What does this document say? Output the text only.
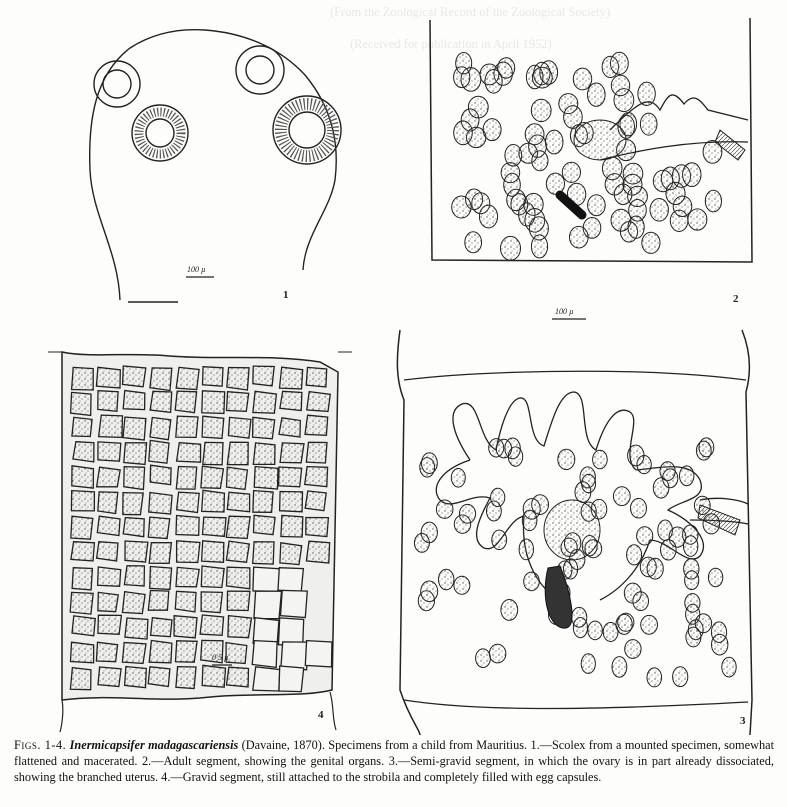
(From the Zoological Record of the Zoological Society)
(Received for publication in April 1952)
1
100 µ
2
100 µ
3
4
0·5 µ
Figs. 1-4. Inermicapsifer madagascariensis (Davaine, 1870). Specimens from a child from Mauritius. 1.—Scolex from a mounted specimen, somewhat flattened and macerated. 2.—Adult segment, showing the genital organs. 3.—Semi-gravid segment, in which the ovary is in part already dissociated, showing the branched uterus. 4.—Gravid segment, still attached to the strobila and completely filled with egg capsules.
